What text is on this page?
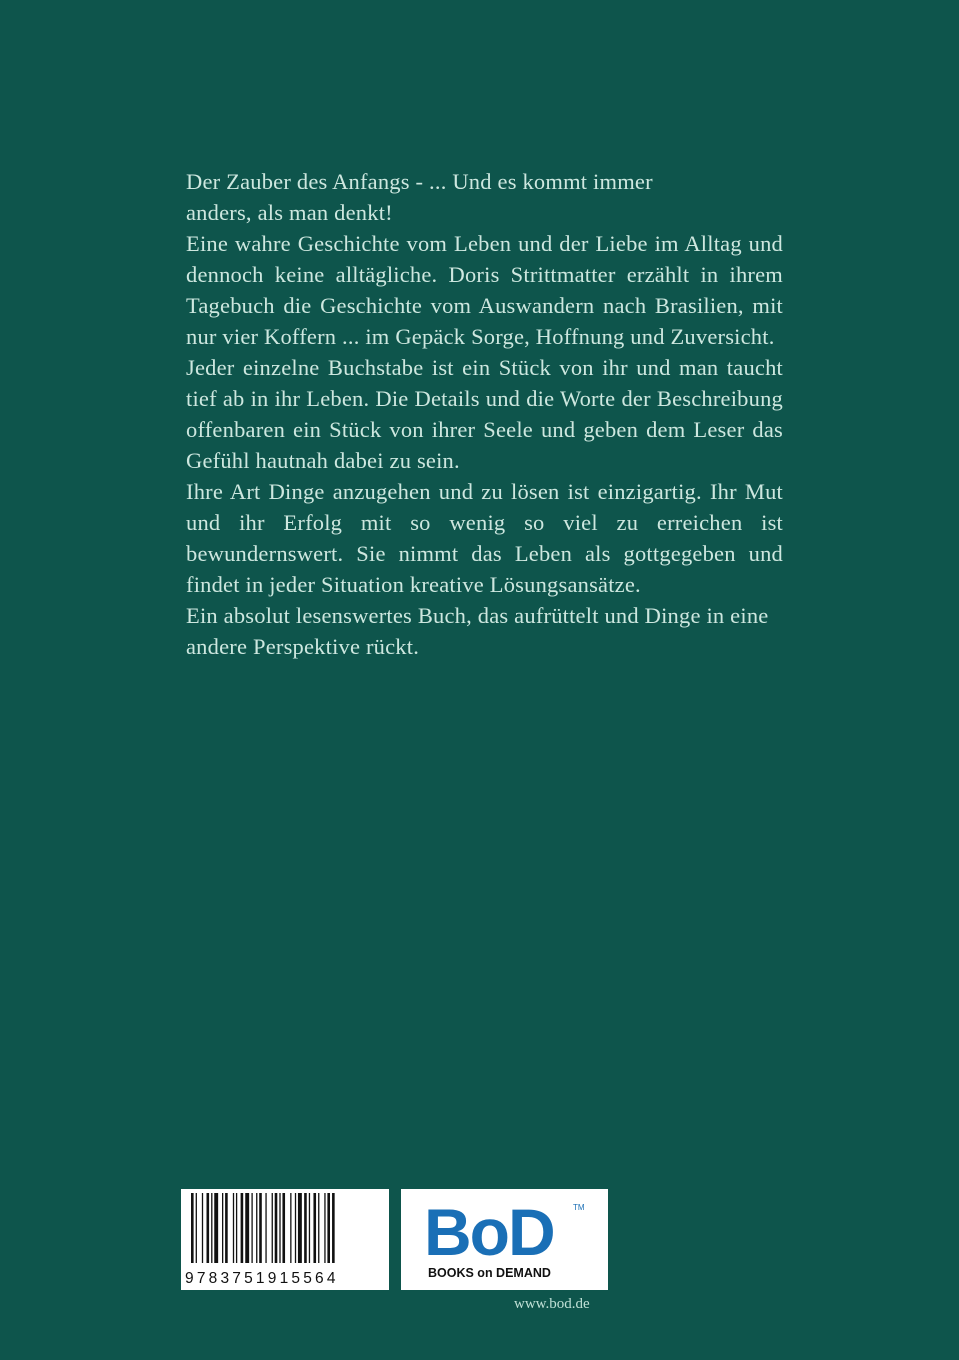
Der Zauber des Anfangs - ... Und es kommt immer anders, als man denkt!

Eine wahre Geschichte vom Leben und der Liebe im Alltag und dennoch keine alltägliche. Doris Strittmatter erzählt in ihrem Tagebuch die Geschichte vom Auswandern nach Brasilien, mit nur vier Koffern ... im Gepäck Sorge, Hoffnung und Zuversicht.

Jeder einzelne Buchstabe ist ein Stück von ihr und man taucht tief ab in ihr Leben. Die Details und die Worte der Beschreibung offenbaren ein Stück von ihrer Seele und geben dem Leser das Gefühl hautnah dabei zu sein.

Ihre Art Dinge anzugehen und zu lösen ist einzigartig. Ihr Mut und ihr Erfolg mit so wenig so viel zu erreichen ist bewundernswert. Sie nimmt das Leben als gottgegeben und findet in jeder Situation kreative Lösungsansätze.

Ein absolut lesenswertes Buch, das aufrüttelt und Dinge in eine andere Perspektive rückt.

9783751915564
BoD TM
BOOKS on DEMAND
www.bod.de
